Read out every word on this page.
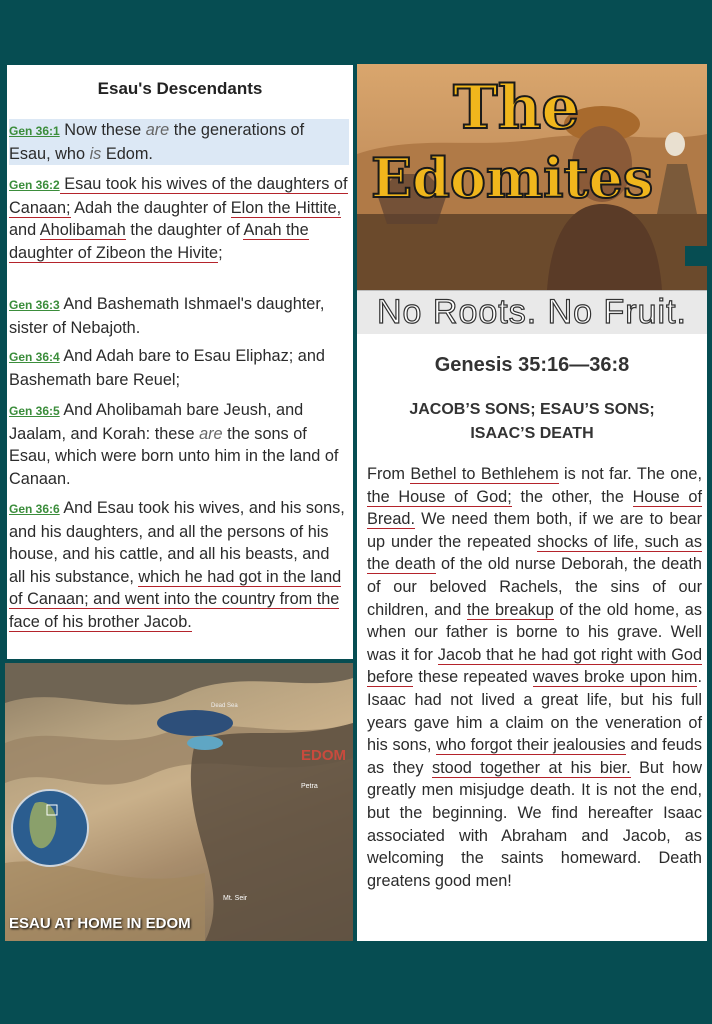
Esau's Descendants
Gen 36:1 Now these are the generations of Esau, who is Edom.
Gen 36:2 Esau took his wives of the daughters of Canaan; Adah the daughter of Elon the Hittite, and Aholibamah the daughter of Anah the daughter of Zibeon the Hivite;
Gen 36:3 And Bashemath Ishmael's daughter, sister of Nebajoth.
Gen 36:4 And Adah bare to Esau Eliphaz; and Bashemath bare Reuel;
Gen 36:5 And Aholibamah bare Jeush, and Jaalam, and Korah: these are the sons of Esau, which were born unto him in the land of Canaan.
Gen 36:6 And Esau took his wives, and his sons, and his daughters, and all the persons of his house, and his cattle, and all his beasts, and all his substance, which he had got in the land of Canaan; and went into the country from the face of his brother Jacob.
Dead Sea
EDOM
Petra
Mt. Seir
ESAU AT HOME IN EDOM
The
Edomites
No Roots. No Fruit.
Genesis 35:16—36:8
JACOB’S SONS; ESAU’S SONS;
ISAAC’S DEATH
From Bethel to Bethlehem is not far. The one, the House of God; the other, the House of Bread. We need them both, if we are to bear up under the repeated shocks of life, such as the death of the old nurse Deborah, the death of our beloved Rachels, the sins of our children, and the breakup of the old home, as when our father is borne to his grave. Well was it for Jacob that he had got right with God before these repeated waves broke upon him. Isaac had not lived a great life, but his full years gave him a claim on the veneration of his sons, who forgot their jealousies and feuds as they stood together at his bier. But how greatly men misjudge death. It is not the end, but the beginning. We find hereafter Isaac associated with Abraham and Jacob, as welcoming the saints homeward. Death greatens good men!
